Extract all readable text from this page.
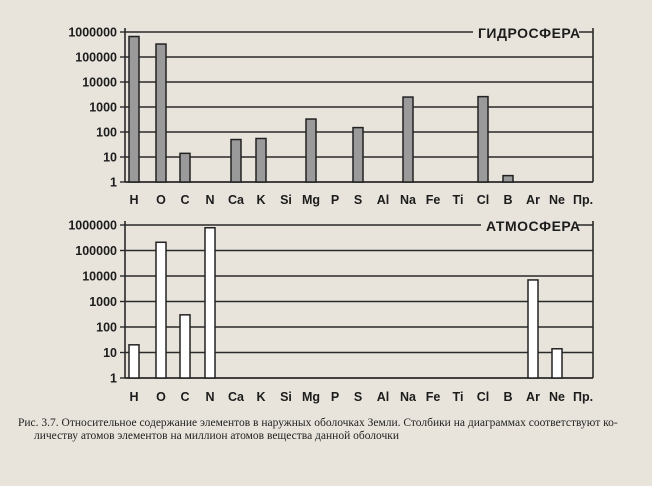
1000000
100000
10000
1000
100
10
1
ГИДРОСФЕРА
H O C N Ca K Si Mg P S Al Na Fe Ti Cl B Ar Ne Пр.
1000000
100000
10000
1000
100
10
1
АТМОСФЕРА
H O C N Ca K Si Mg P S Al Na Fe Ti Cl B Ar Ne Пр.
Рис. 3.7. Относительное содержание элементов в наружных оболочках Земли. Столбики на диаграммах соответствуют ко-
личеству атомов элементов на миллион атомов вещества данной оболочки
